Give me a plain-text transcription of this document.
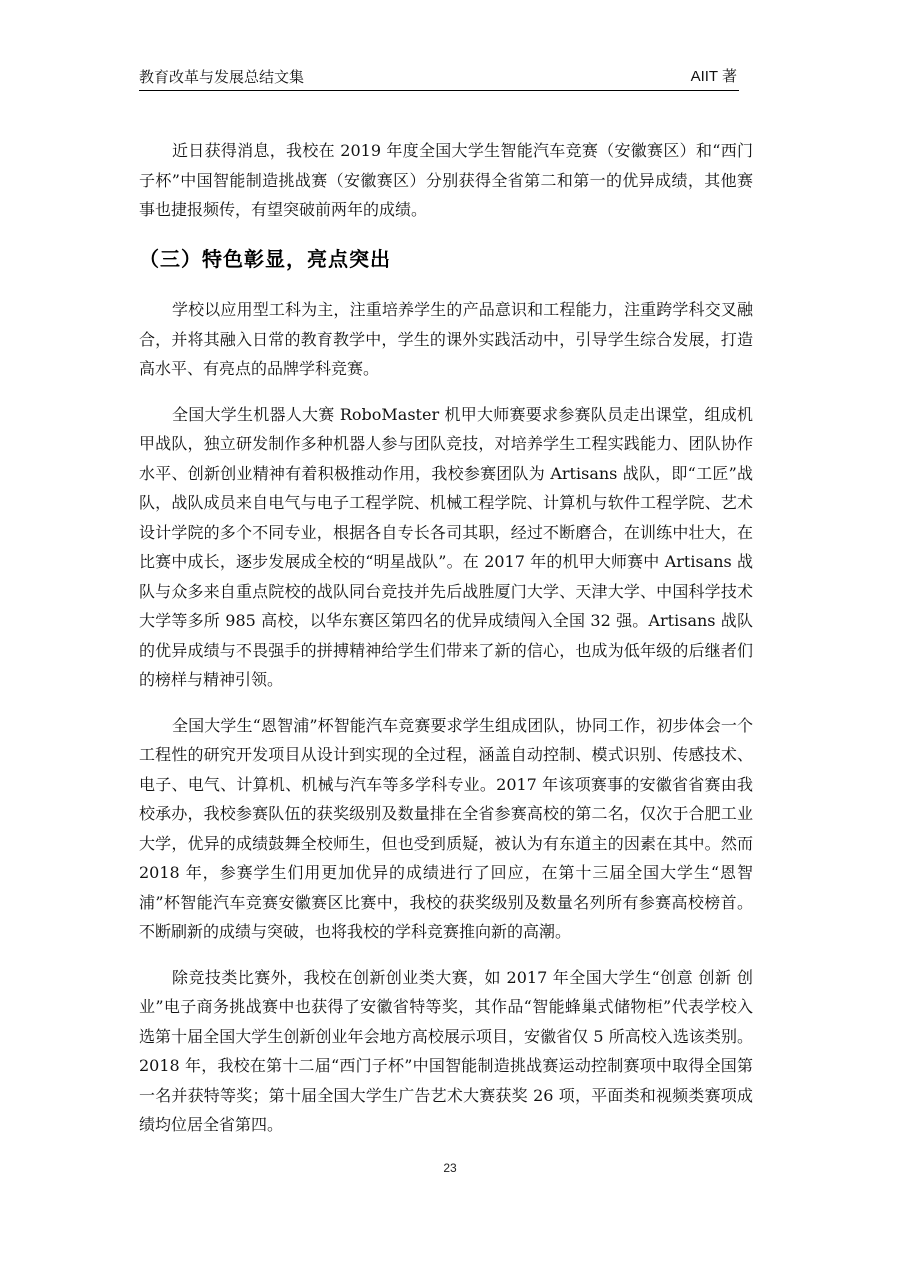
教育改革与发展总结文集	AIIT 著

近日获得消息，我校在 2019 年度全国大学生智能汽车竞赛（安徽赛区）和“西门子杯”中国智能制造挑战赛（安徽赛区）分别获得全省第二和第一的优异成绩，其他赛事也捷报频传，有望突破前两年的成绩。

（三）特色彰显，亮点突出

学校以应用型工科为主，注重培养学生的产品意识和工程能力，注重跨学科交叉融合，并将其融入日常的教育教学中，学生的课外实践活动中，引导学生综合发展，打造高水平、有亮点的品牌学科竞赛。

全国大学生机器人大赛 RoboMaster 机甲大师赛要求参赛队员走出课堂，组成机甲战队，独立研发制作多种机器人参与团队竞技，对培养学生工程实践能力、团队协作水平、创新创业精神有着积极推动作用，我校参赛团队为 Artisans 战队，即“工匠”战队，战队成员来自电气与电子工程学院、机械工程学院、计算机与软件工程学院、艺术设计学院的多个不同专业，根据各自专长各司其职，经过不断磨合，在训练中壮大，在比赛中成长，逐步发展成全校的“明星战队”。在 2017 年的机甲大师赛中 Artisans 战队与众多来自重点院校的战队同台竞技并先后战胜厦门大学、天津大学、中国科学技术大学等多所 985 高校，以华东赛区第四名的优异成绩闯入全国 32 强。Artisans 战队的优异成绩与不畏强手的拼搏精神给学生们带来了新的信心，也成为低年级的后继者们的榜样与精神引领。

全国大学生“恩智浦”杯智能汽车竞赛要求学生组成团队，协同工作，初步体会一个工程性的研究开发项目从设计到实现的全过程，涵盖自动控制、模式识别、传感技术、电子、电气、计算机、机械与汽车等多学科专业。2017 年该项赛事的安徽省省赛由我校承办，我校参赛队伍的获奖级别及数量排在全省参赛高校的第二名，仅次于合肥工业大学，优异的成绩鼓舞全校师生，但也受到质疑，被认为有东道主的因素在其中。然而 2018 年，参赛学生们用更加优异的成绩进行了回应，在第十三届全国大学生“恩智浦”杯智能汽车竞赛安徽赛区比赛中，我校的获奖级别及数量名列所有参赛高校榜首。不断刷新的成绩与突破，也将我校的学科竞赛推向新的高潮。

除竞技类比赛外，我校在创新创业类大赛，如 2017 年全国大学生“创意 创新 创业”电子商务挑战赛中也获得了安徽省特等奖，其作品“智能蜂巢式储物柜”代表学校入选第十届全国大学生创新创业年会地方高校展示项目，安徽省仅 5 所高校入选该类别。2018 年，我校在第十二届“西门子杯”中国智能制造挑战赛运动控制赛项中取得全国第一名并获特等奖；第十届全国大学生广告艺术大赛获奖 26 项，平面类和视频类赛项成绩均位居全省第四。

23
